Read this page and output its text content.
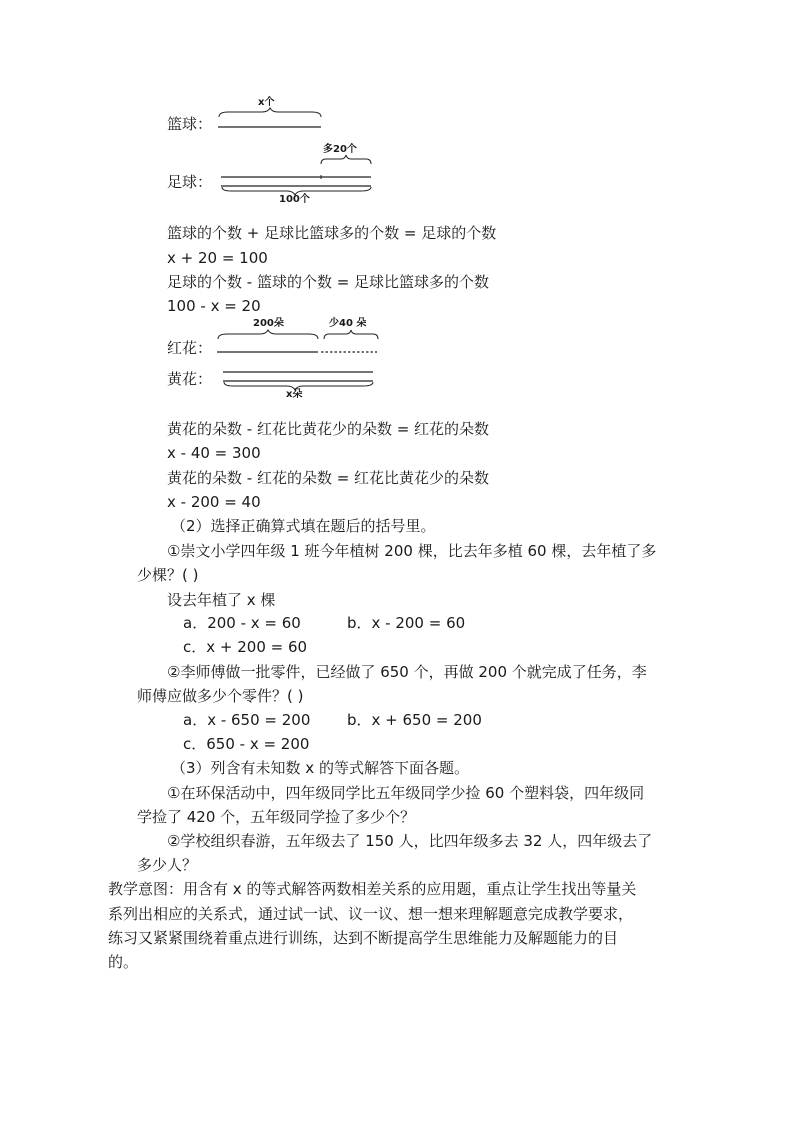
x个
篮球：
多20个
足球：
100个
篮球的个数 + 足球比篮球多的个数 = 足球的个数
x + 20 = 100
足球的个数 - 篮球的个数 = 足球比篮球多的个数
100 - x = 20
200朵	少40 朵
红花：
黄花：
x朵
黄花的朵数 - 红花比黄花少的朵数 = 红花的朵数
x - 40 = 300
黄花的朵数 - 红花的朵数 = 红花比黄花少的朵数
x - 200 = 40
（2）选择正确算式填在题后的括号里。
①崇文小学四年级 1 班今年植树 200 棵，比去年多植 60 棵，去年植了多
少棵？( )
设去年植了 x 棵
a．200 - x = 60	b．x - 200 = 60
c．x + 200 = 60
②李师傅做一批零件，已经做了 650 个，再做 200 个就完成了任务，李
师傅应做多少个零件？( )
a．x - 650 = 200 b．x + 650 = 200
c．650 - x = 200
（3）列含有未知数 x 的等式解答下面各题。
①在环保活动中，四年级同学比五年级同学少捡 60 个塑料袋，四年级同
学捡了 420 个，五年级同学捡了多少个？
②学校组织春游，五年级去了 150 人，比四年级多去 32 人，四年级去了
多少人？
教学意图：用含有 x 的等式解答两数相差关系的应用题，重点让学生找出等量关
系列出相应的关系式，通过试一试、议一议、想一想来理解题意完成教学要求，
练习又紧紧围绕着重点进行训练，达到不断提高学生思维能力及解题能力的目
的。
